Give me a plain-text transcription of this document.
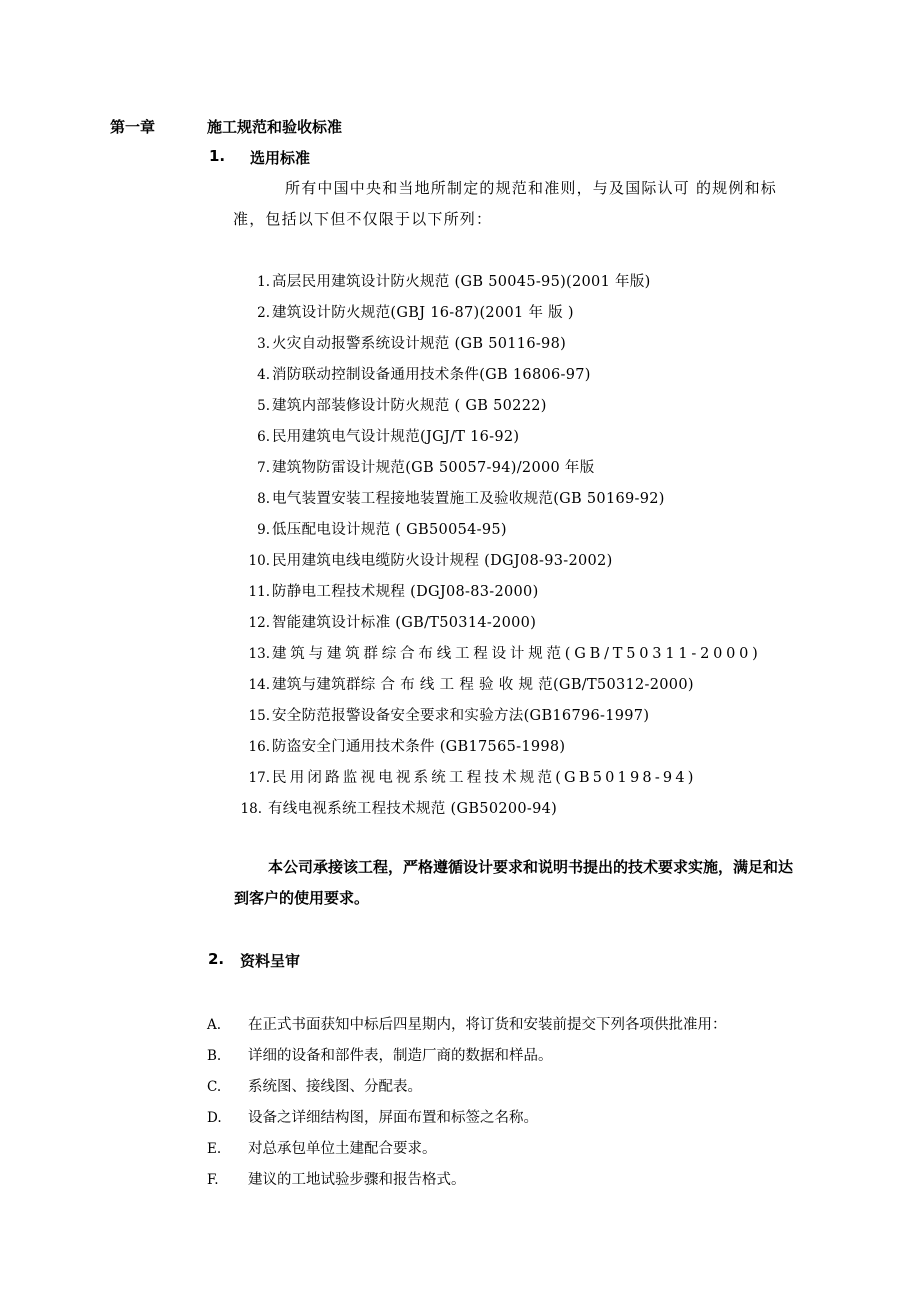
第一章	施工规范和验收标准
1. 选用标准
所有中国中央和当地所制定的规范和准则，与及国际认可 的规例和标
准，包括以下但不仅限于以下所列：
1. 高层民用建筑设计防火规范 (GB 50045-95)(2001 年版)
2. 建筑设计防火规范(GBJ 16-87)(2001 年 版 )
3. 火灾自动报警系统设计规范 (GB 50116-98)
4. 消防联动控制设备通用技术条件(GB 16806-97)
5. 建筑内部装修设计防火规范 ( GB 50222)
6. 民用建筑电气设计规范(JGJ/T 16-92)
7. 建筑物防雷设计规范(GB 50057-94)/2000 年版
8. 电气装置安装工程接地装置施工及验收规范(GB 50169-92)
9. 低压配电设计规范 ( GB50054-95)
10. 民用建筑电线电缆防火设计规程 (DGJ08-93-2002)
11. 防静电工程技术规程 (DGJ08-83-2000)
12. 智能建筑设计标准 (GB/T50314-2000)
13. 建筑与建筑群综合布线工程设计规范(GB/T50311-2000)
14. 建筑与建筑群综 合 布 线 工 程 验 收 规 范(GB/T50312-2000)
15. 安全防范报警设备安全要求和实验方法(GB16796-1997)
16. 防盗安全门通用技术条件 (GB17565-1998)
17. 民用闭路监视电视系统工程技术规范(GB50198-94)
18. 有线电视系统工程技术规范 (GB50200-94)
本公司承接该工程，严格遵循设计要求和说明书提出的技术要求实施，满足和达
到客户的使用要求。
2. 资料呈审
A. 在正式书面获知中标后四星期内，将订货和安装前提交下列各项供批准用：
B. 详细的设备和部件表，制造厂商的数据和样品。
C. 系统图、接线图、分配表。
D. 设备之详细结构图，屏面布置和标签之名称。
E. 对总承包单位土建配合要求。
F. 建议的工地试验步骤和报告格式。
